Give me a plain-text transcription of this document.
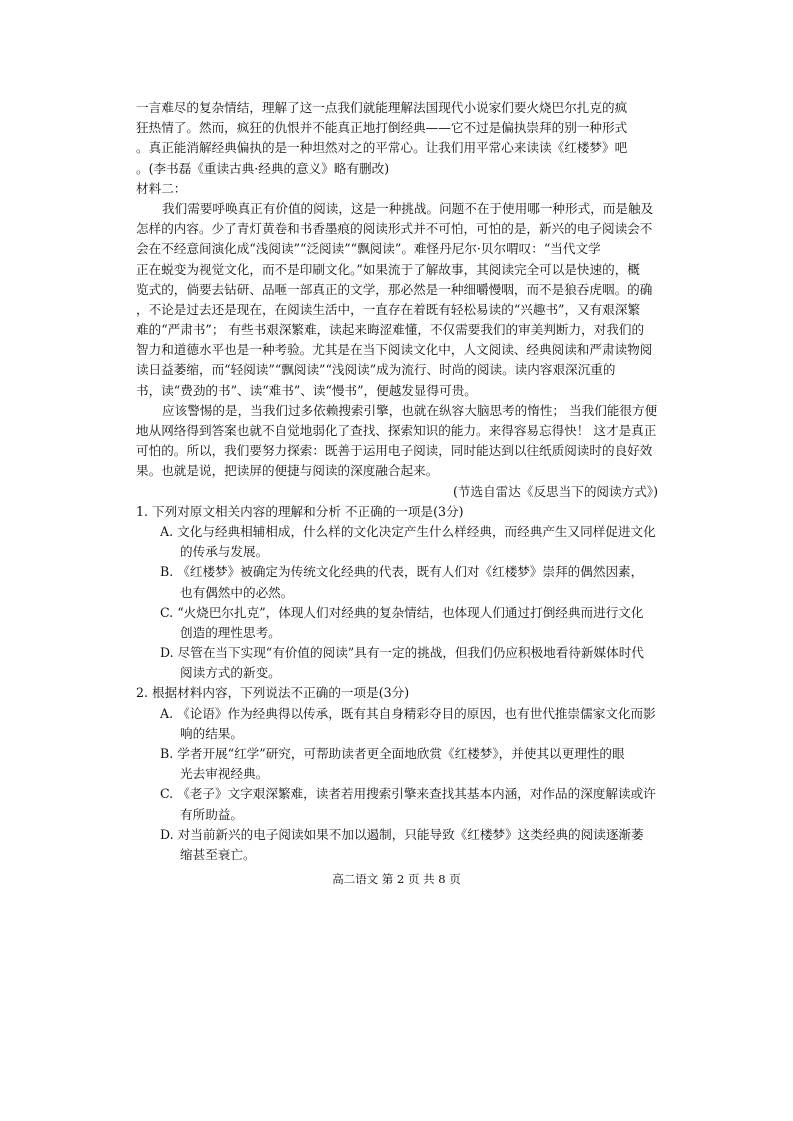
一言难尽的复杂情结，理解了这一点我们就能理解法国现代小说家们要火烧巴尔扎克的疯
狂热情了。然而，疯狂的仇恨并不能真正地打倒经典——它不过是偏执崇拜的别一种形式
。真正能消解经典偏执的是一种坦然对之的平常心。让我们用平常心来读读《红楼梦》吧
。(李书磊《重读古典·经典的意义》略有删改)
材料二：
我们需要呼唤真正有价值的阅读，这是一种挑战。问题不在于使用哪一种形式，而是触及
怎样的内容。少了青灯黄卷和书香墨痕的阅读形式并不可怕，可怕的是，新兴的电子阅读会不
会在不经意间演化成“浅阅读”“泛阅读”“飘阅读”。难怪丹尼尔·贝尔喟叹：“当代文学
正在蜕变为视觉文化，而不是印刷文化。”如果流于了解故事，其阅读完全可以是快速的，概
览式的，倘要去钻研、品咂一部真正的文学，那必然是一种细嚼慢咽，而不是狼吞虎咽。的确
，不论是过去还是现在，在阅读生活中，一直存在着既有轻松易读的“兴趣书”，又有艰深繁
难的“严肃书”； 有些书艰深繁难，读起来晦涩难懂，不仅需要我们的审美判断力，对我们的
智力和道德水平也是一种考验。尤其是在当下阅读文化中，人文阅读、经典阅读和严肃读物阅
读日益萎缩，而“轻阅读”“飘阅读”“浅阅读”成为流行、时尚的阅读。读内容艰深沉重的
书，读“费劲的书”、读“难书”、读“慢书”，便越发显得可贵。
应该警惕的是，当我们过多依赖搜索引擎，也就在纵容大脑思考的惰性； 当我们能很方便
地从网络得到答案也就不自觉地弱化了查找、探索知识的能力。来得容易忘得快！ 这才是真正
可怕的。所以，我们要努力探索：既善于运用电子阅读，同时能达到以往纸质阅读时的良好效
果。也就是说，把读屏的便捷与阅读的深度融合起来。
(节选自雷达《反思当下的阅读方式》)
1. 下列对原文相关内容的理解和分析 不正确的一项是(3分)
A. 文化与经典相辅相成，什么样的文化决定产生什么样经典，而经典产生又同样促进文化
的传承与发展。
B. 《红楼梦》被确定为传统文化经典的代表，既有人们对《红楼梦》崇拜的偶然因素，
也有偶然中的必然。
C. “火烧巴尔扎克”，体现人们对经典的复杂情结，也体现人们通过打倒经典而进行文化
创造的理性思考。
D. 尽管在当下实现“有价值的阅读”具有一定的挑战，但我们仍应积极地看待新媒体时代
阅读方式的新变。
2. 根据材料内容，下列说法不正确的一项是(3分)
A. 《论语》作为经典得以传承，既有其自身精彩夺目的原因，也有世代推崇儒家文化而影
响的结果。
B. 学者开展“红学”研究，可帮助读者更全面地欣赏《红楼梦》，并使其以更理性的眼
光去审视经典。
C. 《老子》文字艰深繁难，读者若用搜索引擎来查找其基本内涵，对作品的深度解读或许
有所助益。
D. 对当前新兴的电子阅读如果不加以遏制，只能导致《红楼梦》这类经典的阅读逐渐萎
缩甚至衰亡。
高二语文 第 2 页 共 8 页
